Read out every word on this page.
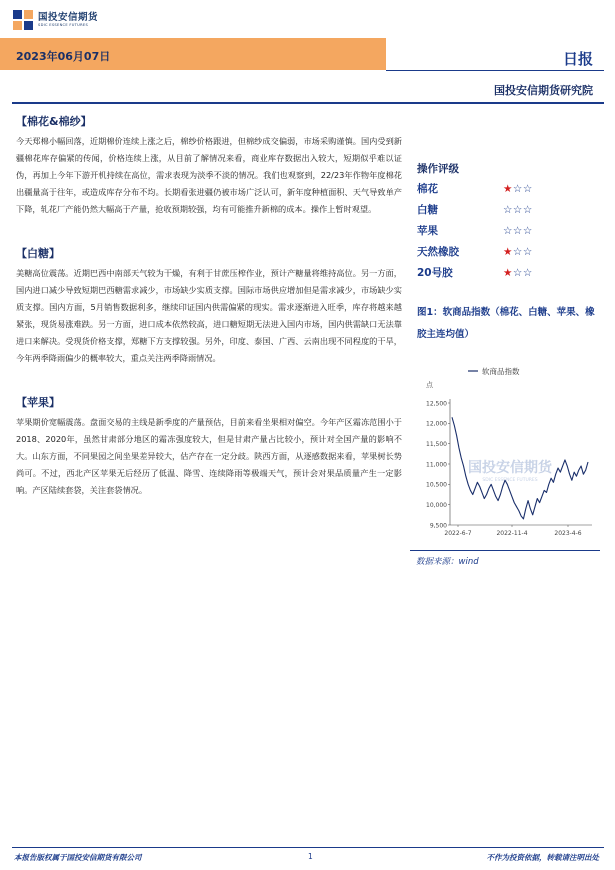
国投安信期货
SDIC ESSENCE FUTURES
2023年06月07日	日报
国投安信期货研究院
【棉花&棉纱】
今天郑棉小幅回落，近期棉价连续上涨之后，棉纱价格跟进，但棉纱成交偏弱，市场采购谨慎。国内受到新疆棉花库存偏紧的传闻，价格连续上涨，从目前了解情况来看，商业库存数据出入较大，短期似乎难以证伪，再加上今年下游开机持续在高位，需求表现为淡季不淡的情况。我们也观察到，22/23年作物年度棉花出疆量高于往年，或造成库存分布不均。长期看张进疆仍被市场广泛认可，新年度种植面积、天气导致单产下降，轧花厂产能仍然大幅高于产量，抢收预期较强，均有可能推升新棉的成本。操作上暂时观望。
【白糖】
美糖高位震荡。近期巴西中南部天气较为干燥，有利于甘蔗压榨作业，预计产糖量将维持高位。另一方面，国内进口减少导致短期巴西糖需求减少，市场缺少实质支撑。国际市场供应增加但是需求减少，市场缺少实质支撑。国内方面，5月销售数据利多，继续印证国内供需偏紧的现实。需求逐渐进入旺季，库存将越来越紧张，现货易涨难跌。另一方面，进口成本依然较高，进口糖短期无法进入国内市场，国内供需缺口无法靠进口来解决。受现货价格支撑，郑糖下方支撑较强。另外，印度、泰国、广西、云南出现不同程度的干旱，今年两季降雨偏少的概率较大，重点关注两季降雨情况。
【苹果】
苹果期价宽幅震荡。盘面交易的主线是新季度的产量预估，目前来看坐果相对偏空。今年产区霜冻范围小于2018、2020年，虽然甘肃部分地区的霜冻强度较大，但是甘肃产量占比较小，预计对全国产量的影响不大。山东方面，不同果园之间坐果差异较大，估产存在一定分歧。陕西方面，从逐感数据来看，苹果树长势尚可。不过，西北产区苹果无后经历了低温、降雪、连续降雨等极端天气，预计会对果品质量产生一定影响。产区陆续套袋，关注套袋情况。
操作评级
棉花	★☆☆
白糖	☆☆☆
苹果	☆☆☆
天然橡胶	★☆☆
20号胶	★☆☆
图1：软商品指数（棉花、白糖、苹果、橡胶主连均值）
国投安信期货
SDIC ESSENCE FUTURES
软商品指数
点
12,500
12,000
11,500
11,000
10,500
10,000
9,500
2022-6-7	2022-11-4	2023-4-6
数据来源：wind
本报告版权属于国投安信期货有限公司	1	不作为投资依据，转载请注明出处
